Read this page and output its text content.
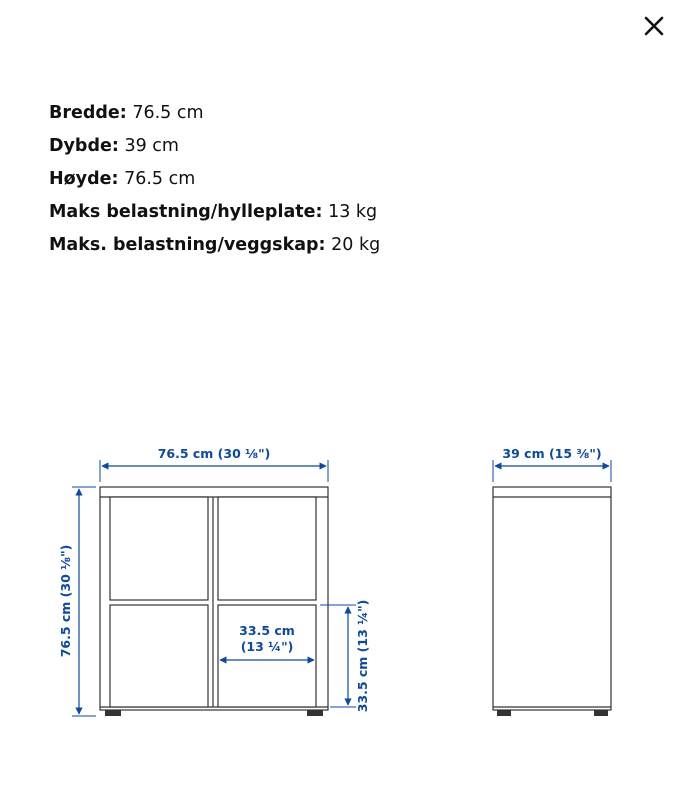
Bredde: 76.5 cm
Dybde: 39 cm
Høyde: 76.5 cm
Maks belastning/hylleplate: 13 kg
Maks. belastning/veggskap: 20 kg
76.5 cm (30 ⅛")
76.5 cm (30 ⅛")	33.5 cm
(13 ¼")	33.5 cm (13 ¼")
39 cm (15 ⅜")
